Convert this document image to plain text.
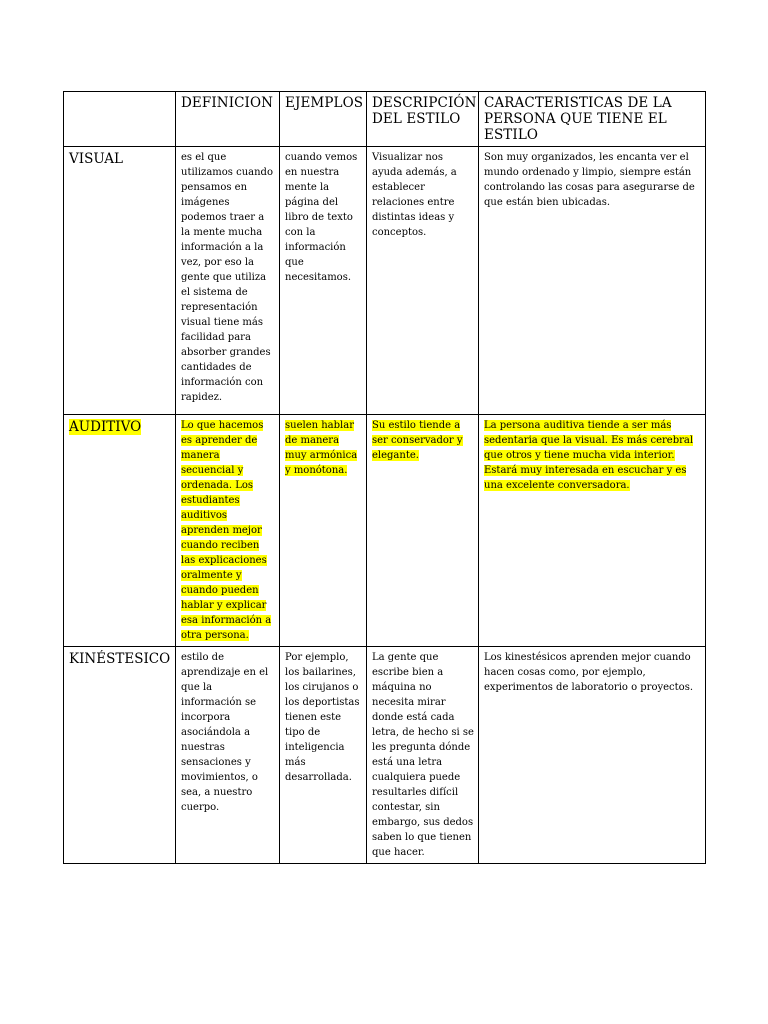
	DEFINICION	EJEMPLOS	DESCRIPCIÓN DEL ESTILO	CARACTERISTICAS DE LA PERSONA QUE TIENE EL ESTILO
VISUAL	es el que utilizamos cuando pensamos en imágenes podemos traer a la mente mucha información a la vez, por eso la gente que utiliza el sistema de representación visual tiene más facilidad para absorber grandes cantidades de información con rapidez.	cuando vemos en nuestra mente la página del libro de texto con la información que necesitamos.	Visualizar nos ayuda además, a establecer relaciones entre distintas ideas y conceptos.	Son muy organizados, les encanta ver el mundo ordenado y limpio, siempre están controlando las cosas para asegurarse de que están bien ubicadas.
AUDITIVO	Lo que hacemos es aprender de manera secuencial y ordenada. Los estudiantes auditivos aprenden mejor cuando reciben las explicaciones oralmente y cuando pueden hablar y explicar esa información a otra persona.	suelen hablar de manera muy armónica y monótona.	Su estilo tiende a ser conservador y elegante.	La persona auditiva tiende a ser más sedentaria que la visual. Es más cerebral que otros y tiene mucha vida interior. Estará muy interesada en escuchar y es una excelente conversadora.
KINÉSTESICO	estilo de aprendizaje en el que la información se incorpora asociándola a nuestras sensaciones y movimientos, o sea, a nuestro cuerpo.	Por ejemplo, los bailarines, los cirujanos o los deportistas tienen este tipo de inteligencia más desarrollada.	La gente que escribe bien a máquina no necesita mirar donde está cada letra, de hecho si se les pregunta dónde está una letra cualquiera puede resultarles difícil contestar, sin embargo, sus dedos saben lo que tienen que hacer.	Los kinestésicos aprenden mejor cuando hacen cosas como, por ejemplo, experimentos de laboratorio o proyectos.
